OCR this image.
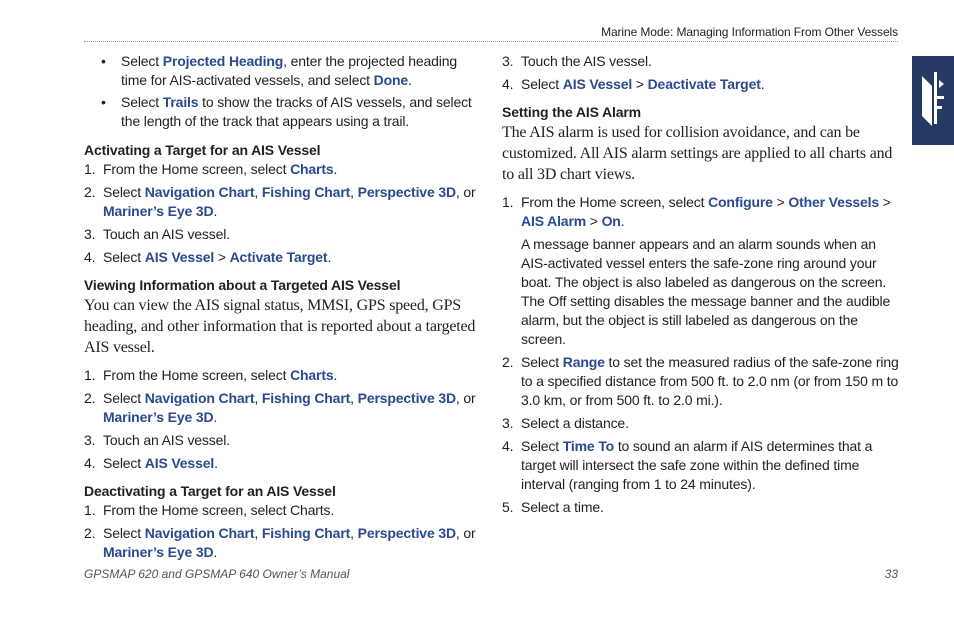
Marine Mode: Managing Information From Other Vessels
• Select Projected Heading, enter the projected heading time for AIS-activated vessels, and select Done.
• Select Trails to show the tracks of AIS vessels, and select the length of the track that appears using a trail.
Activating a Target for an AIS Vessel
1. From the Home screen, select Charts.
2. Select Navigation Chart, Fishing Chart, Perspective 3D, or Mariner’s Eye 3D.
3. Touch an AIS vessel.
4. Select AIS Vessel > Activate Target.
Viewing Information about a Targeted AIS Vessel

You can view the AIS signal status, MMSI, GPS speed, GPS heading, and other information that is reported about a targeted AIS vessel.

1. From the Home screen, select Charts.
2. Select Navigation Chart, Fishing Chart, Perspective 3D, or Mariner’s Eye 3D.
3. Touch an AIS vessel.
4. Select AIS Vessel.
Deactivating a Target for an AIS Vessel
1. From the Home screen, select Charts.
2. Select Navigation Chart, Fishing Chart, Perspective 3D, or Mariner’s Eye 3D.
3. Touch the AIS vessel.
4. Select AIS Vessel > Deactivate Target.
Setting the AIS Alarm

The AIS alarm is used for collision avoidance, and can be customized. All AIS alarm settings are applied to all charts and to all 3D chart views.

1. From the Home screen, select Configure > Other Vessels > AIS Alarm > On.

A message banner appears and an alarm sounds when an AIS-activated vessel enters the safe-zone ring around your boat. The object is also labeled as dangerous on the screen. The Off setting disables the message banner and the audible alarm, but the object is still labeled as dangerous on the screen.

2. Select Range to set the measured radius of the safe-zone ring to a specified distance from 500 ft. to 2.0 nm (or from 150 m to 3.0 km, or from 500 ft. to 2.0 mi.).
3. Select a distance.
4. Select Time To to sound an alarm if AIS determines that a target will intersect the safe zone within the defined time interval (ranging from 1 to 24 minutes).
5. Select a time.
GPSMAP 620 and GPSMAP 640 Owner’s Manual	33
